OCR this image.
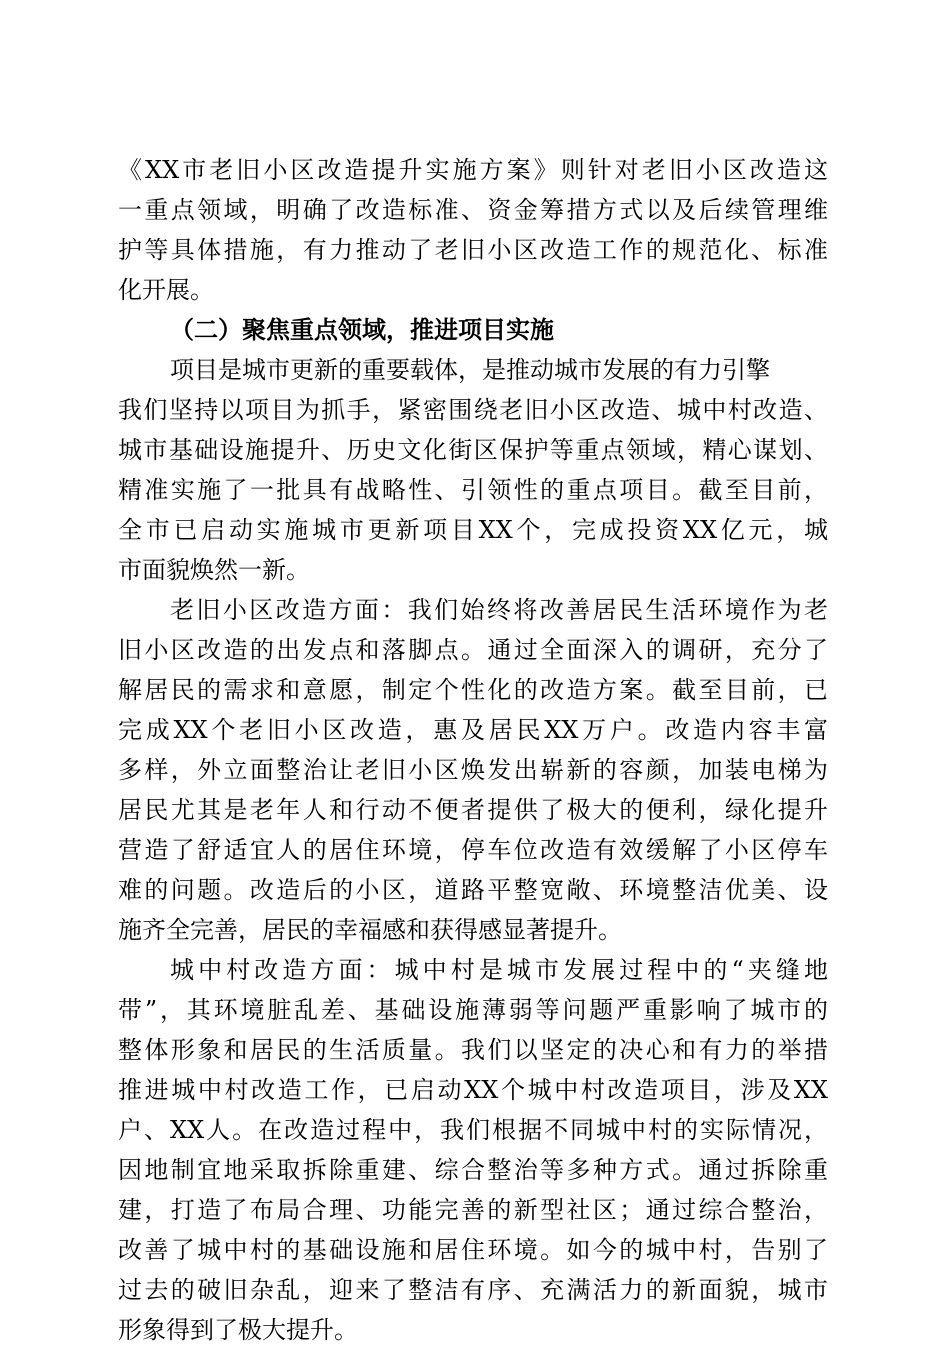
《XX市老旧小区改造提升实施方案》则针对老旧小区改造这
一重点领域，明确了改造标准、资金筹措方式以及后续管理维
护等具体措施，有力推动了老旧小区改造工作的规范化、标准
化开展。
（二）聚焦重点领域，推进项目实施
项目是城市更新的重要载体，是推动城市发展的有力引擎
我们坚持以项目为抓手，紧密围绕老旧小区改造、城中村改造、
城市基础设施提升、历史文化街区保护等重点领域，精心谋划、
精准实施了一批具有战略性、引领性的重点项目。截至目前，
全市已启动实施城市更新项目XX个，完成投资XX亿元，城
市面貌焕然一新。
老旧小区改造方面：我们始终将改善居民生活环境作为老
旧小区改造的出发点和落脚点。通过全面深入的调研，充分了
解居民的需求和意愿，制定个性化的改造方案。截至目前，已
完成XX个老旧小区改造，惠及居民XX万户。改造内容丰富
多样，外立面整治让老旧小区焕发出崭新的容颜，加装电梯为
居民尤其是老年人和行动不便者提供了极大的便利，绿化提升
营造了舒适宜人的居住环境，停车位改造有效缓解了小区停车
难的问题。改造后的小区，道路平整宽敞、环境整洁优美、设
施齐全完善，居民的幸福感和获得感显著提升。
城中村改造方面：城中村是城市发展过程中的“夹缝地
带”，其环境脏乱差、基础设施薄弱等问题严重影响了城市的
整体形象和居民的生活质量。我们以坚定的决心和有力的举措
推进城中村改造工作，已启动XX个城中村改造项目，涉及XX
户、XX人。在改造过程中，我们根据不同城中村的实际情况，
因地制宜地采取拆除重建、综合整治等多种方式。通过拆除重
建，打造了布局合理、功能完善的新型社区；通过综合整治，
改善了城中村的基础设施和居住环境。如今的城中村，告别了
过去的破旧杂乱，迎来了整洁有序、充满活力的新面貌，城市
形象得到了极大提升。
